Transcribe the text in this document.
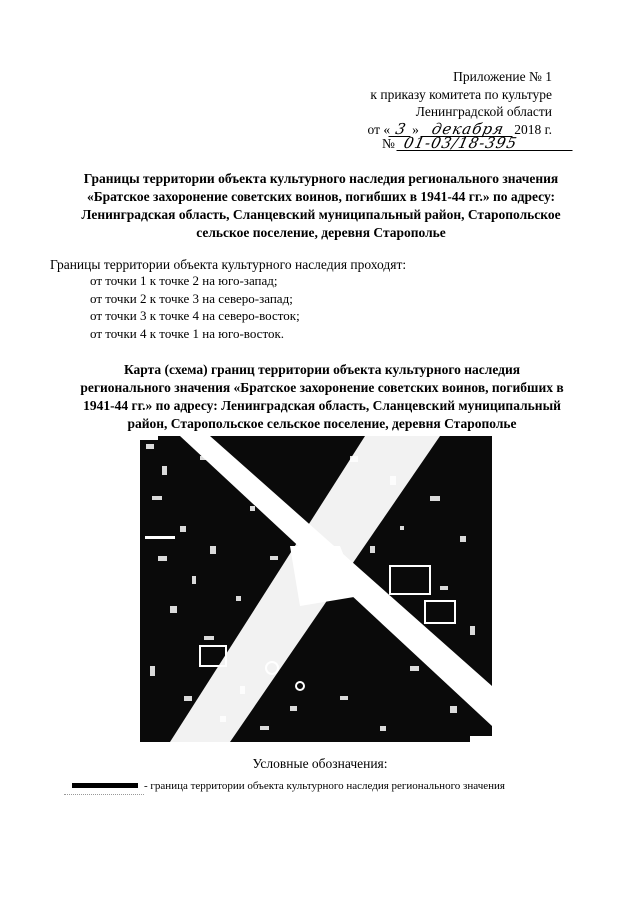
Приложение № 1
к приказу комитета по культуре
Ленинградской области
от « 3 » декабря 2018 г.
№ 01-03/18-395
Границы территории объекта культурного наследия регионального значения
«Братское захоронение советских воинов, погибших в 1941-44 гг.» по адресу:
Ленинградская область, Сланцевский муниципальный район, Старопольское
сельское поселение, деревня Старополье
Границы территории объекта культурного наследия проходят:
от точки 1 к точке 2 на юго-запад;
от точки 2 к точке 3 на северо-запад;
от точки 3 к точке 4 на северо-восток;
от точки 4 к точке 1 на юго-восток.
Карта (схема) границ территории объекта культурного наследия
регионального значения «Братское захоронение советских воинов, погибших в
1941-44 гг.» по адресу: Ленинградская область, Сланцевский муниципальный
район, Старопольское сельское поселение, деревня Старополье
Условные обозначения:
- граница территории объекта культурного наследия регионального значения
